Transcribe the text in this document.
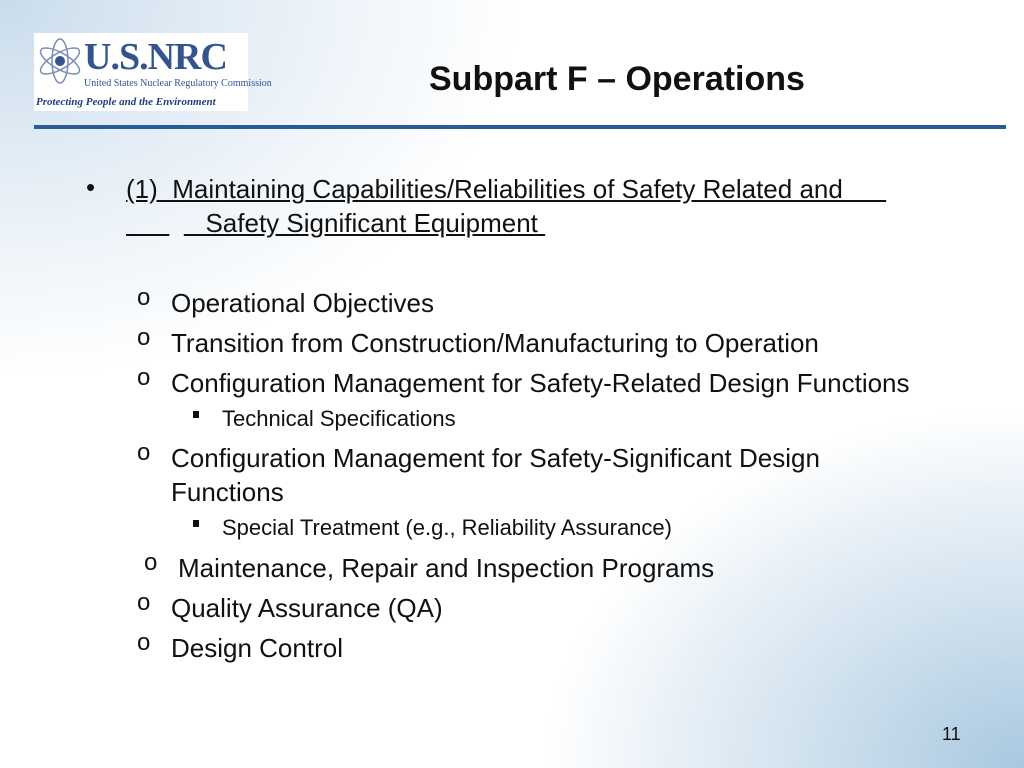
U.S.NRC
United States Nuclear Regulatory Commission
Protecting People and the Environment
Subpart F – Operations
• (1)  Maintaining Capabilities/Reliabilities of Safety Related and
	Safety Significant Equipment
o Operational Objectives
o Transition from Construction/Manufacturing to Operation
o Configuration Management for Safety-Related Design Functions
Technical Specifications
o Configuration Management for Safety-Significant Design
Functions
Special Treatment (e.g., Reliability Assurance)
o Maintenance, Repair and Inspection Programs
o Quality Assurance (QA)
o Design Control
11
